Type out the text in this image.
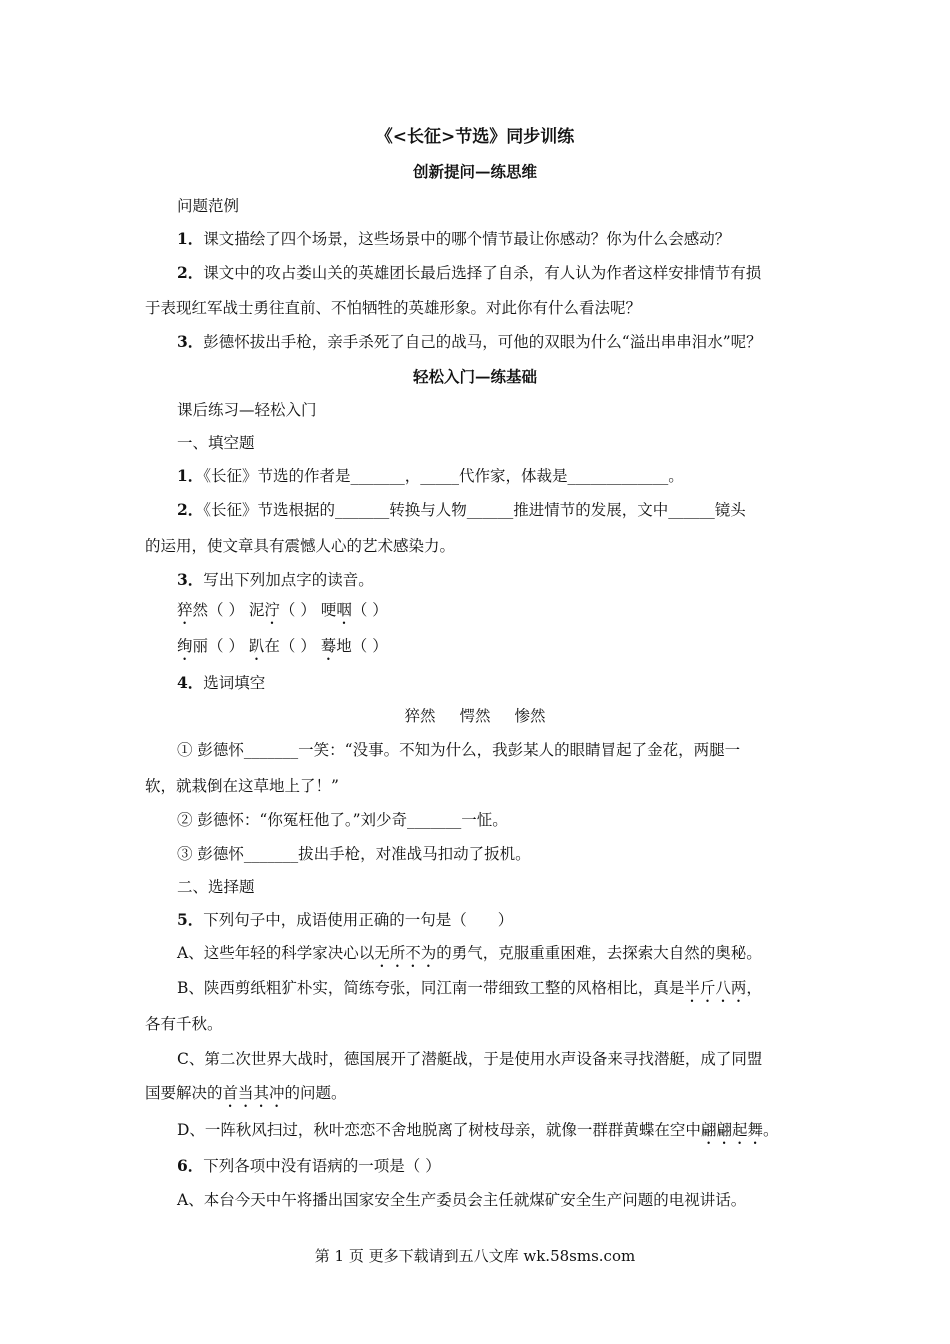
《<长征>节选》同步训练
创新提问—练思维
问题范例
1．课文描绘了四个场景，这些场景中的哪个情节最让你感动？你为什么会感动？
2．课文中的攻占娄山关的英雄团长最后选择了自杀，有人认为作者这样安排情节有损
于表现红军战士勇往直前、不怕牺牲的英雄形象。对此你有什么看法呢？
3．彭德怀拔出手枪，亲手杀死了自己的战马，可他的双眼为什么“溢出串串泪水”呢？
轻松入门—练基础
课后练习—轻松入门
一、填空题
1．《长征》节选的作者是_______，_____代作家，体裁是_____________。
2．《长征》节选根据的_______转换与人物______推进情节的发展，文中______镜头
的运用，使文章具有震憾人心的艺术感染力。
3．写出下列加点字的读音。
猝然（ ） 泥泞（ ） 哽咽（ ）
绚丽（ ） 趴在（ ） 蓦地（ ）
4．选词填空
猝然 愕然 惨然
① 彭德怀_______一笑：“没事。不知为什么，我彭某人的眼睛冒起了金花，两腿一
软，就栽倒在这草地上了！”
② 彭德怀：“你冤枉他了。”刘少奇_______一怔。
③ 彭德怀_______拔出手枪，对准战马扣动了扳机。
二、选择题
5．下列句子中，成语使用正确的一句是（　　）
A、这些年轻的科学家决心以无所不为的勇气，克服重重困难，去探索大自然的奥秘。
B、陕西剪纸粗犷朴实，简练夸张，同江南一带细致工整的风格相比，真是半斤八两，
各有千秋。
C、第二次世界大战时，德国展开了潜艇战，于是使用水声设备来寻找潜艇，成了同盟
国要解决的首当其冲的问题。
D、一阵秋风扫过，秋叶恋恋不舍地脱离了树枝母亲，就像一群群黄蝶在空中翩翩起舞。
6．下列各项中没有语病的一项是（ ）
A、本台今天中午将播出国家安全生产委员会主任就煤矿安全生产问题的电视讲话。
第 1 页 更多下载请到五八文库 wk.58sms.com
